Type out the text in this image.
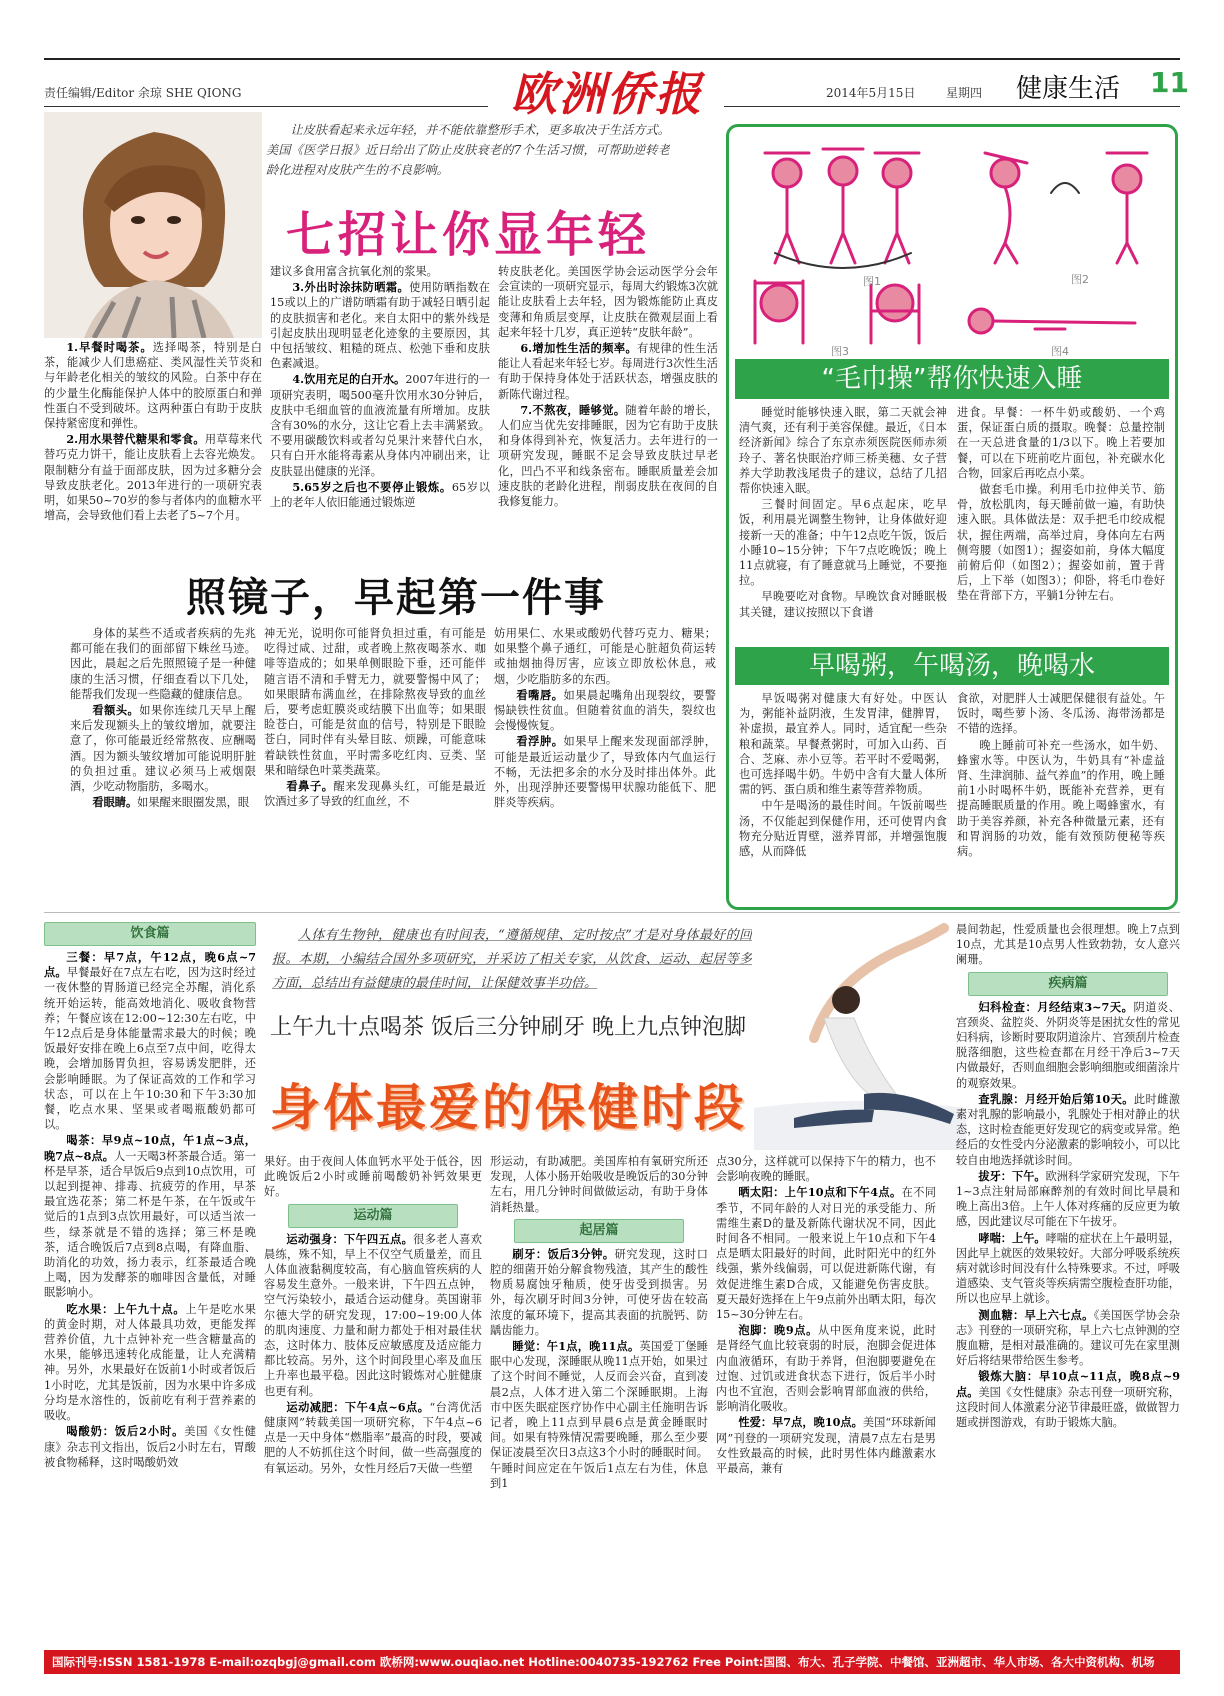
责任编辑/Editor 余琼 SHE QIONG	欧洲侨报	2014年5月15日	星期四 健康生活 11
让皮肤看起来永远年轻，并不能依靠整形手术，更多取决于生活方式。美国《医学日报》近日给出了防止皮肤衰老的7个生活习惯，可帮助逆转老龄化进程对皮肤产生的不良影响。
七招让你显年轻

1.早餐时喝茶。选择喝茶，特别是白茶，能减少人们患癌症、类风湿性关节炎和与年龄老化相关的皱纹的风险。白茶中存在的少量生化酶能保护人体中的胶原蛋白和弹性蛋白不受到破坏。这两种蛋白有助于皮肤保持紧密度和弹性。

2.用水果替代糖果和零食。用草莓来代替巧克力饼干，能让皮肤看上去容光焕发。限制糖分有益于面部皮肤，因为过多糖分会导致皮肤老化。2013年进行的一项研究表明，如果50~70岁的参与者体内的血糖水平增高，会导致他们看上去老了5~7个月。

建议多食用富含抗氧化剂的浆果。

3.外出时涂抹防晒霜。使用防晒指数在15或以上的广谱防晒霜有助于减轻日晒引起的皮肤损害和老化。来自太阳中的紫外线是引起皮肤出现明显老化迹象的主要原因，其中包括皱纹、粗糙的斑点、松弛下垂和皮肤色素减退。

4.饮用充足的白开水。2007年进行的一项研究表明，喝500毫升饮用水30分钟后，皮肤中毛细血管的血液流量有所增加。皮肤含有30%的水分，这让它看上去丰满紧致。不要用碳酸饮料或者勾兑果汁来替代白水，只有白开水能将毒素从身体内冲刷出来，让皮肤显出健康的光泽。

5.65岁之后也不要停止锻炼。65岁以上的老年人依旧能通过锻炼逆

转皮肤老化。美国医学协会运动医学分会年会宣读的一项研究显示，每周大约锻炼3次就能让皮肤看上去年轻，因为锻炼能防止真皮变薄和角质层变厚，让皮肤在微观层面上看起来年轻十几岁，真正逆转“皮肤年龄”。

6.增加性生活的频率。有规律的性生活能让人看起来年轻七岁。每周进行3次性生活有助于保持身体处于活跃状态，增强皮肤的新陈代谢过程。

7.不熬夜，睡够觉。随着年龄的增长，人们应当优先安排睡眠，因为它有助于皮肤和身体得到补充，恢复活力。去年进行的一项研究发现，睡眠不足会导致皮肤过早老化，凹凸不平和线条密布。睡眠质量差会加速皮肤的老龄化进程，削弱皮肤在夜间的自我修复能力。

照镜子，早起第一件事

身体的某些不适或者疾病的先兆都可能在我们的面部留下蛛丝马迹。因此，晨起之后先照照镜子是一种健康的生活习惯，仔细查看以下几处，能帮我们发现一些隐藏的健康信息。

看额头。如果你连续几天早上醒来后发现额头上的皱纹增加，就要注意了，你可能最近经常熬夜、应酬喝酒。因为额头皱纹增加可能说明肝脏的负担过重。建议必须马上戒烟限酒，少吃动物脂肪，多喝水。

看眼睛。如果醒来眼圈发黑，眼

神无光，说明你可能肾负担过重，有可能是吃得过咸、过甜，或者晚上熬夜喝茶水、咖啡等造成的；如果单侧眼睑下垂，还可能伴随言语不清和手臂无力，就要警惕中风了；如果眼睛布满血丝，在排除熬夜导致的血丝后，要考虑虹膜炎或结膜下出血等；如果眼睑苍白，可能是贫血的信号，特别是下眼睑苍白，同时伴有头晕目眩、烦躁，可能意味着缺铁性贫血，平时需多吃红肉、豆类、坚果和暗绿色叶菜类蔬菜。

看鼻子。醒来发现鼻头红，可能是最近饮酒过多了导致的红血丝，不

妨用果仁、水果或酸奶代替巧克力、糖果；如果整个鼻子通红，可能是心脏超负荷运转或抽烟抽得厉害，应该立即放松休息，戒烟，少吃脂肪多的东西。

看嘴唇。如果晨起嘴角出现裂纹，要警惕缺铁性贫血。但随着贫血的消失，裂纹也会慢慢恢复。

看浮肿。如果早上醒来发现面部浮肿，可能是最近运动量少了，导致体内气血运行不畅，无法把多余的水分及时排出体外。此外，出现浮肿还要警惕甲状腺功能低下、肥胖炎等疾病。

图1	图2
图3	图4
“毛巾操”帮你快速入睡

睡觉时能够快速入眠，第二天就会神清气爽，还有利于美容保健。最近，《日本经济新闻》综合了东京赤须医院医师赤须玲子、著名快眠治疗师三桥美穗、女子营养大学助教浅尾贵子的建议，总结了几招帮你快速入眠。

三餐时间固定。早6点起床，吃早饭，利用晨光调整生物钟，让身体做好迎接新一天的准备；中午12点吃午饭，饭后小睡10~15分钟；下午7点吃晚饭；晚上11点就寝，有了睡意就马上睡觉，不要拖拉。

早晚要吃对食物。早晚饮食对睡眠极其关键，建议按照以下食谱

进食。早餐：一杯牛奶或酸奶、一个鸡蛋，保证蛋白质的摄取。晚餐：总量控制在一天总进食量的1/3以下。晚上若要加餐，可以在下班前吃片面包，补充碳水化合物，回家后再吃点小菜。

做套毛巾操。利用毛巾拉伸关节、筋骨，放松肌肉，每天睡前做一遍，有助快速入眠。具体做法是：双手把毛巾绞成棍状，握住两端，高举过肩，身体向左右两侧弯腰（如图1）；握姿如前，身体大幅度前俯后仰（如图2）；握姿如前，置于背后，上下举（如图3）；仰卧，将毛巾卷好垫在背部下方，平躺1分钟左右。

早喝粥，午喝汤，晚喝水

早饭喝粥对健康大有好处。中医认为，粥能补益阴液，生发胃津，健脾胃，补虚损，最宜养人。同时，适宜配一些杂粮和蔬菜。早餐煮粥时，可加入山药、百合、芝麻、赤小豆等。若平时不爱喝粥，也可选择喝牛奶。牛奶中含有大量人体所需的钙、蛋白质和维生素等营养物质。

中午是喝汤的最佳时间。午饭前喝些汤，不仅能起到保健作用，还可使胃内食物充分贴近胃壁，滋养胃部，并增强饱腹感，从而降低

食欲，对肥胖人士减肥保健很有益处。午饭时，喝些萝卜汤、冬瓜汤、海带汤都是不错的选择。

晚上睡前可补充一些汤水，如牛奶、蜂蜜水等。中医认为，牛奶具有“补虚益肾、生津润肺、益气养血”的作用，晚上睡前1小时喝杯牛奶，既能补充营养，更有提高睡眠质量的作用。晚上喝蜂蜜水，有助于美容养颜，补充各种微量元素，还有和胃润肠的功效，能有效预防便秘等疾病。

人体有生物钟，健康也有时间表，“遵循规律、定时按点”才是对身体最好的回报。本期，小编结合国外多项研究，并采访了相关专家，从饮食、运动、起居等多方面，总结出有益健康的最佳时间，让保健效事半功倍。
上午九十点喝茶 饭后三分钟刷牙 晚上九点钟泡脚
身体最爱的保健时段
饮食篇

三餐：早7点，午12点，晚6点~7点。早餐最好在7点左右吃，因为这时经过一夜休整的胃肠道已经完全苏醒，消化系统开始运转，能高效地消化、吸收食物营养；午餐应该在12:00~12:30左右吃，中午12点后是身体能量需求最大的时候；晚饭最好安排在晚上6点至7点中间，吃得太晚，会增加肠胃负担，容易诱发肥胖，还会影响睡眠。为了保证高效的工作和学习状态，可以在上午10:30和下午3:30加餐，吃点水果、坚果或者喝瓶酸奶都可以。

喝茶：早9点~10点，午1点~3点，晚7点~8点。人一天喝3杯茶最合适。第一杯是早茶，适合早饭后9点到10点饮用，可以起到提神、排毒、抗疲劳的作用，早茶最宜选花茶；第二杯是午茶，在午饭或午觉后的1点到3点饮用最好，可以适当浓一些，绿茶就是不错的选择；第三杯是晚茶，适合晚饭后7点到8点喝，有降血脂、助消化的功效，扬力表示，红茶最适合晚上喝，因为发酵茶的咖啡因含量低，对睡眠影响小。

吃水果：上午九十点。上午是吃水果的黄金时期，对人体最具功效，更能发挥营养价值，九十点钟补充一些含糖量高的水果，能够迅速转化成能量，让人充满精神。另外，水果最好在饭前1小时或者饭后1小时吃，尤其是饭前，因为水果中许多成分均是水溶性的，饭前吃有利于营养素的吸收。

喝酸奶：饭后2小时。美国《女性健康》杂志刊文指出，饭后2小时左右，胃酸被食物稀释，这时喝酸奶效

果好。由于夜间人体血钙水平处于低谷，因此晚饭后2小时或睡前喝酸奶补钙效果更好。

运动篇

运动强身：下午四五点。很多老人喜欢晨练，殊不知，早上不仅空气质量差，而且人体血液黏稠度较高，有心脑血管疾病的人容易发生意外。一般来讲，下午四五点钟，空气污染较小，最适合运动健身。英国谢菲尔德大学的研究发现，17:00~19:00人体的肌肉速度、力量和耐力都处于相对最佳状态，这时体力、肢体反应敏感度及适应能力都比较高。另外，这个时间段里心率及血压上升率也最平稳。因此这时锻炼对心脏健康也更有利。

运动减肥：下午4点~6点。“台湾优活健康网”转载美国一项研究称，下午4点~6点是一天中身体“燃脂率”最高的时段，要减肥的人不妨抓住这个时间，做一些高强度的有氧运动。另外，女性月经后7天做一些塑

形运动，有助减肥。美国库柏有氧研究所还发现，人体小肠开始吸收是晚饭后的30分钟左右，用几分钟时间做做运动，有助于身体消耗热量。

起居篇

刷牙：饭后3分钟。研究发现，这时口腔的细菌开始分解食物残渣，其产生的酸性物质易腐蚀牙釉质，使牙齿受到损害。另外，每次刷牙时间3分钟，可使牙齿在较高浓度的氟环境下，提高其表面的抗脱钙、防龋齿能力。

睡觉：午1点，晚11点。英国爱丁堡睡眠中心发现，深睡眠从晚11点开始，如果过了这个时间不睡觉，人反而会兴奋，直到凌晨2点，人体才进入第二个深睡眠期。上海市中医失眠症医疗协作中心副主任施明告诉记者，晚上11点到早晨6点是黄金睡眠时间。如果有特殊情况需要晚睡，那么至少要保证凌晨至次日3点这3个小时的睡眠时间。午睡时间应定在午饭后1点左右为佳，休息到1

点30分，这样就可以保持下午的精力，也不会影响夜晚的睡眠。

晒太阳：上午10点和下午4点。在不同季节，不同年龄的人对日光的承受能力、所需维生素D的量及新陈代谢状况不同，因此时间各不相同。一般来说上午10点和下午4点是晒太阳最好的时间，此时阳光中的红外线强，紫外线偏弱，可以促进新陈代谢，有效促进维生素D合成，又能避免伤害皮肤。夏天最好选择在上午9点前外出晒太阳，每次15~30分钟左右。

泡脚：晚9点。从中医角度来说，此时是肾经气血比较衰弱的时辰，泡脚会促进体内血液循环，有助于养肾，但泡脚要避免在过饱、过饥或进食状态下进行，饭后半小时内也不宜泡，否则会影响胃部血液的供给，影响消化吸收。

性爱：早7点，晚10点。美国“环球新闻网”刊登的一项研究发现，清晨7点左右是男女性致最高的时候，此时男性体内雌激素水平最高，兼有

晨间勃起，性爱质量也会很理想。晚上7点到10点，尤其是10点男人性致勃勃，女人意兴阑珊。

疾病篇

妇科检查：月经结束3~7天。阴道炎、宫颈炎、盆腔炎、外阴炎等是困扰女性的常见妇科病，诊断时要取阴道涂片、宫颈刮片检查脱落细胞，这些检查都在月经干净后3~7天内做最好，否则血细胞会影响细胞或细菌涂片的观察效果。

查乳腺：月经开始后第10天。此时雌激素对乳腺的影响最小，乳腺处于相对静止的状态，这时检查能更好发现它的病变或异常。绝经后的女性受内分泌激素的影响较小，可以比较自由地选择就诊时间。

拔牙：下午。欧洲科学家研究发现，下午1~3点注射局部麻醉剂的有效时间比早晨和晚上高出3倍。上午人体对疼痛的反应更为敏感，因此建议尽可能在下午拔牙。

哮喘：上午。哮喘的症状在上午最明显，因此早上就医的效果较好。大部分呼吸系统疾病对就诊时间没有什么特殊要求。不过，呼吸道感染、支气管炎等疾病需空腹检查肝功能，所以也应早上就诊。

测血糖：早上六七点。《美国医学协会杂志》刊登的一项研究称，早上六七点钟测的空腹血糖，是相对最准确的。建议可先在家里测好后将结果带给医生参考。

锻炼大脑：早10点~11点，晚8点~9点。美国《女性健康》杂志刊登一项研究称，这段时间人体激素分泌节律最旺盛，做做智力题或拼图游戏，有助于锻炼大脑。

国际刊号:ISSN 1581-1978 E-mail:ozqbgj@gmail.com 欧桥网:www.ouqiao.net Hotline:0040735-192762 Free Point:国图、布大、孔子学院、中餐馆、亚洲超市、华人市场、各大中资机构、机场
